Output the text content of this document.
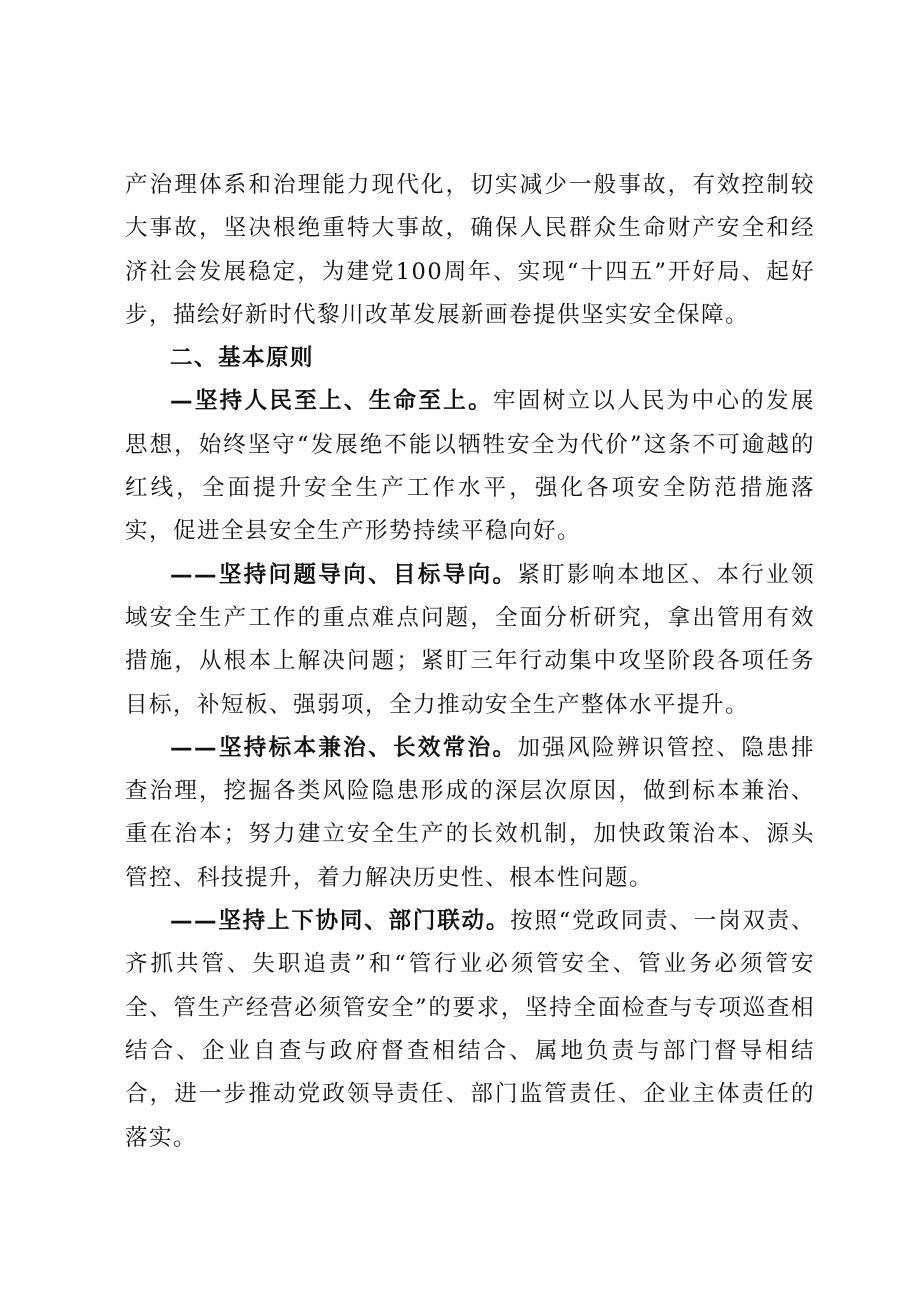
产治理体系和治理能力现代化，切实减少一般事故，有效控制较大事故，坚决根绝重特大事故，确保人民群众生命财产安全和经济社会发展稳定，为建党100周年、实现“十四五”开好局、起好步，描绘好新时代黎川改革发展新画卷提供坚实安全保障。

二、基本原则

—坚持人民至上、生命至上。牢固树立以人民为中心的发展思想，始终坚守“发展绝不能以牺牲安全为代价”这条不可逾越的红线，全面提升安全生产工作水平，强化各项安全防范措施落实，促进全县安全生产形势持续平稳向好。

——坚持问题导向、目标导向。紧盯影响本地区、本行业领域安全生产工作的重点难点问题，全面分析研究，拿出管用有效措施，从根本上解决问题；紧盯三年行动集中攻坚阶段各项任务目标，补短板、强弱项，全力推动安全生产整体水平提升。

——坚持标本兼治、长效常治。加强风险辨识管控、隐患排查治理，挖掘各类风险隐患形成的深层次原因，做到标本兼治、重在治本；努力建立安全生产的长效机制，加快政策治本、源头管控、科技提升，着力解决历史性、根本性问题。

——坚持上下协同、部门联动。按照“党政同责、一岗双责、齐抓共管、失职追责”和“管行业必须管安全、管业务必须管安全、管生产经营必须管安全”的要求，坚持全面检查与专项巡查相结合、企业自查与政府督查相结合、属地负责与部门督导相结合，进一步推动党政领导责任、部门监管责任、企业主体责任的落实。
